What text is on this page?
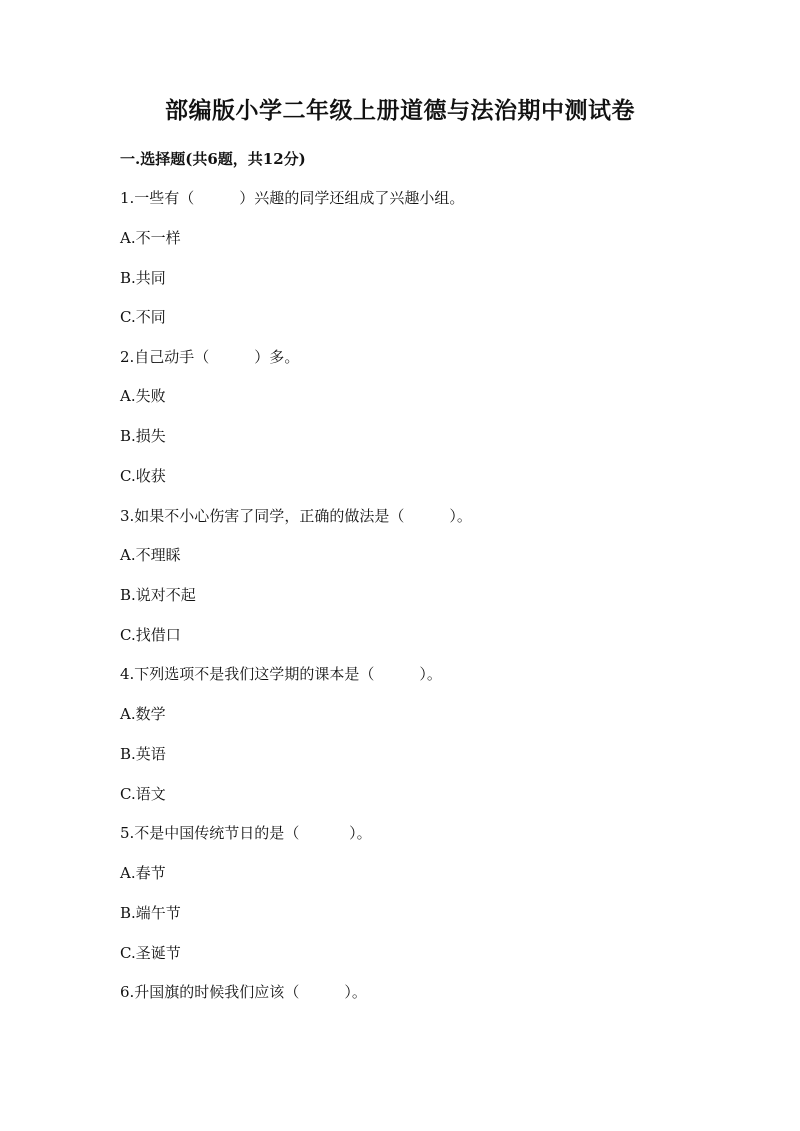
部编版小学二年级上册道德与法治期中测试卷
一.选择题(共6题，共12分)
1.一些有（　　　）兴趣的同学还组成了兴趣小组。
A.不一样
B.共同
C.不同
2.自己动手（　　　）多。
A.失败
B.损失
C.收获
3.如果不小心伤害了同学，正确的做法是（　　　）。
A.不理睬
B.说对不起
C.找借口
4.下列选项不是我们这学期的课本是（　　　）。
A.数学
B.英语
C.语文
5.不是中国传统节日的是（　　　 ）。
A.春节
B.端午节
C.圣诞节
6.升国旗的时候我们应该（　　　）。
